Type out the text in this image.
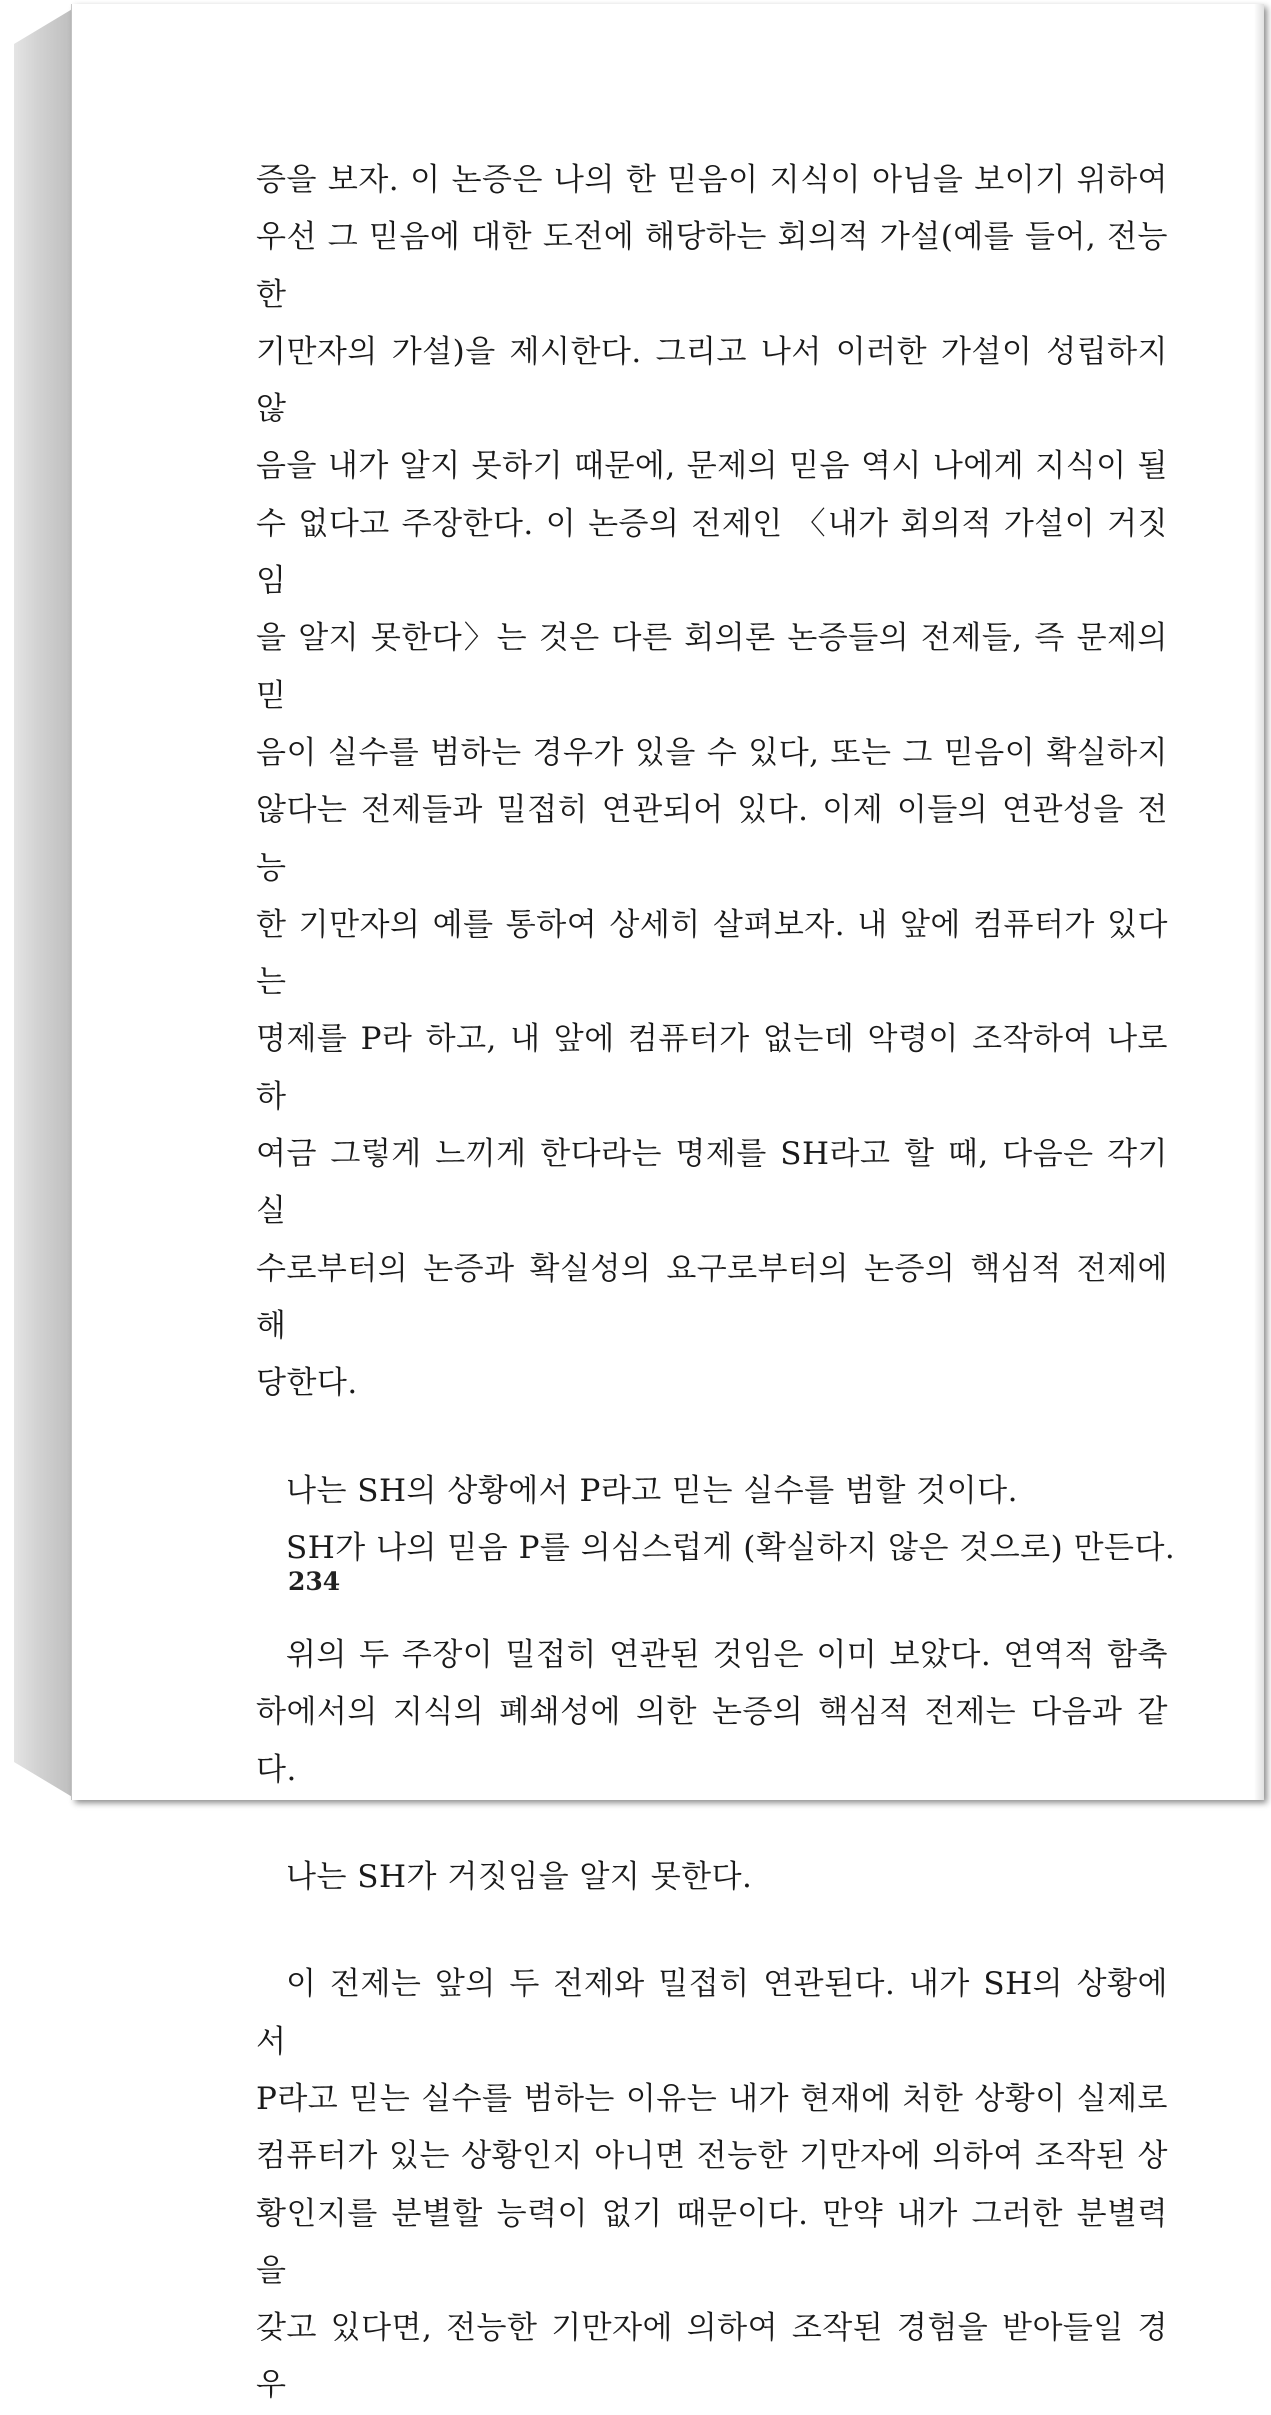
증을 보자. 이 논증은 나의 한 믿음이 지식이 아님을 보이기 위하여

우선 그 믿음에 대한 도전에 해당하는 회의적 가설(예를 들어, 전능한

기만자의 가설)을 제시한다. 그리고 나서 이러한 가설이 성립하지 않

음을 내가 알지 못하기 때문에, 문제의 믿음 역시 나에게 지식이 될

수 없다고 주장한다. 이 논증의 전제인 〈내가 회의적 가설이 거짓임

을 알지 못한다〉는 것은 다른 회의론 논증들의 전제들, 즉 문제의 믿

음이 실수를 범하는 경우가 있을 수 있다, 또는 그 믿음이 확실하지

않다는 전제들과 밀접히 연관되어 있다. 이제 이들의 연관성을 전능

한 기만자의 예를 통하여 상세히 살펴보자. 내 앞에 컴퓨터가 있다는

명제를 P라 하고, 내 앞에 컴퓨터가 없는데 악령이 조작하여 나로 하

여금 그렇게 느끼게 한다라는 명제를 SH라고 할 때, 다음은 각기 실

수로부터의 논증과 확실성의 요구로부터의 논증의 핵심적 전제에 해

당한다.

나는 SH의 상황에서 P라고 믿는 실수를 범할 것이다.

SH가 나의 믿음 P를 의심스럽게 (확실하지 않은 것으로) 만든다.

위의 두 주장이 밀접히 연관된 것임은 이미 보았다. 연역적 함축

하에서의 지식의 폐쇄성에 의한 논증의 핵심적 전제는 다음과 같다.

나는 SH가 거짓임을 알지 못한다.

이 전제는 앞의 두 전제와 밀접히 연관된다. 내가 SH의 상황에서

P라고 믿는 실수를 범하는 이유는 내가 현재에 처한 상황이 실제로

컴퓨터가 있는 상황인지 아니면 전능한 기만자에 의하여 조작된 상

황인지를 분별할 능력이 없기 때문이다. 만약 내가 그러한 분별력을

갖고 있다면, 전능한 기만자에 의하여 조작된 경험을 받아들일 경우

234
